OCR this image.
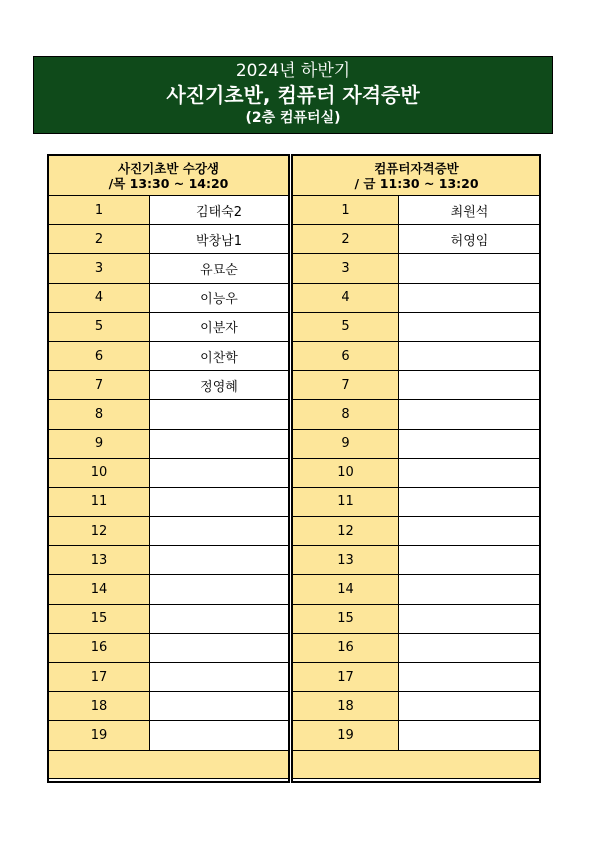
2024년 하반기
사진기초반, 컴퓨터 자격증반
(2층 컴퓨터실)
사진기초반 수강생
/목 13:30 ~ 14:20	

1	김태숙2
2	박창남1
3	유묘순
4	이능우
5	이분자
6	이찬학
7	정영혜
8	
9	
10	
11	
12	
13	
14	
15	
16	
17	
18	
19	

컴퓨터자격증반
/ 금 11:30 ~ 13:20	

1	최원석
2	허영임
3	
4	
5	
6	
7	
8	
9	
10	
11	
12	
13	
14	
15	
16	
17	
18	
19	
